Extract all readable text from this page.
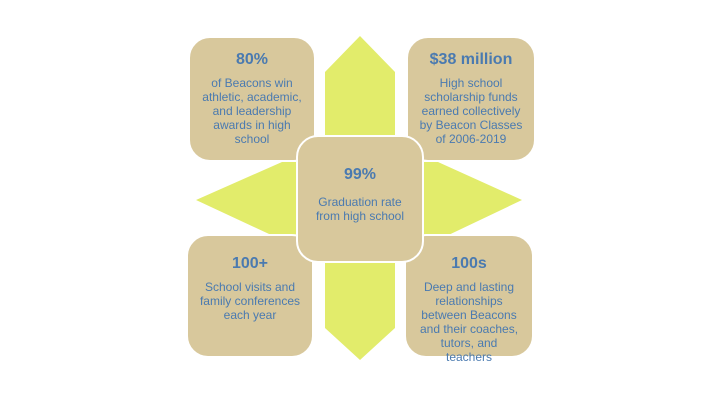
80%
of Beacons win athletic, academic, and leadership awards in high school
$38 million
High school scholarship funds earned collectively by Beacon Classes of 2006-2019
100+
School visits and family conferences each year
100s
Deep and lasting relationships between Beacons and their coaches, tutors, and teachers
99%
Graduation rate from high school
